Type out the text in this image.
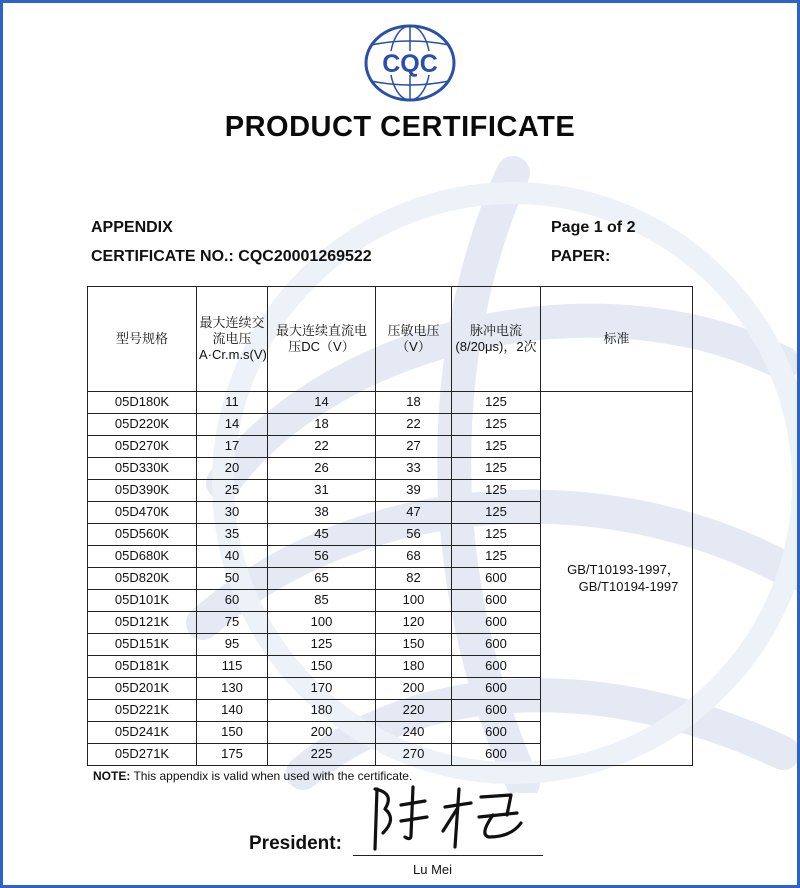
CQC
PRODUCT CERTIFICATE
APPENDIX
CERTIFICATE NO.: CQC20001269522
Page 1 of 2
PAPER:
型号规格	最大连续交流电压A·Cr.m.s(V)	最大连续直流电压DC（V）	压敏电压（V）	脉冲电流(8/20μs)，2次	标准
05D180K	11	14	18	125	GB/T10193-1997，
GB/T10194-1997

05D220K	14	18	22	125	
05D270K	17	22	27	125	
05D330K	20	26	33	125	
05D390K	25	31	39	125	
05D470K	30	38	47	125	
05D560K	35	45	56	125	
05D680K	40	56	68	125	
05D820K	50	65	82	600	
05D101K	60	85	100	600	
05D121K	75	100	120	600	
05D151K	95	125	150	600	
05D181K	115	150	180	600	
05D201K	130	170	200	600	
05D221K	140	180	220	600	
05D241K	150	200	240	600	
05D271K	175	225	270	600	
NOTE: This appendix is valid when used with the certificate.
President:
Lu Mei
